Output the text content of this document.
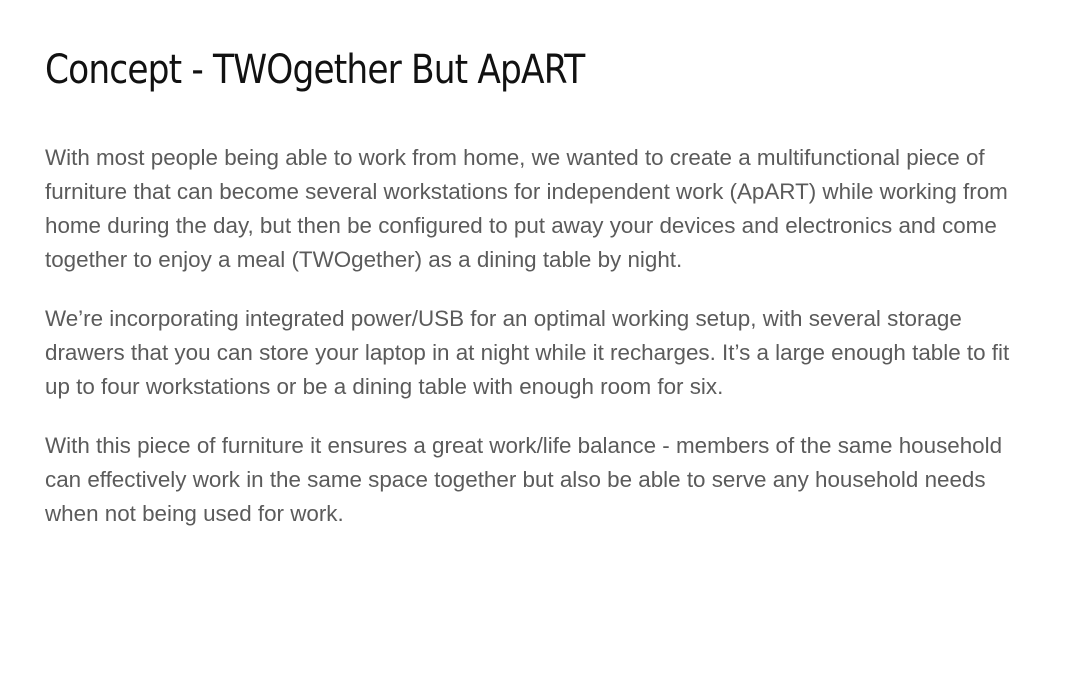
Concept - TWOgether But ApART

With most people being able to work from home, we wanted to create a multifunctional piece of furniture that can become several workstations for independent work (ApART) while working from home during the day, but then be configured to put away your devices and electronics and come together to enjoy a meal (TWOgether) as a dining table by night.

We’re incorporating integrated power/USB for an optimal working setup, with several storage drawers that you can store your laptop in at night while it recharges. It’s a large enough table to fit up to four workstations or be a dining table with enough room for six.

With this piece of furniture it ensures a great work/life balance - members of the same household can effectively work in the same space together but also be able to serve any household needs when not being used for work.
